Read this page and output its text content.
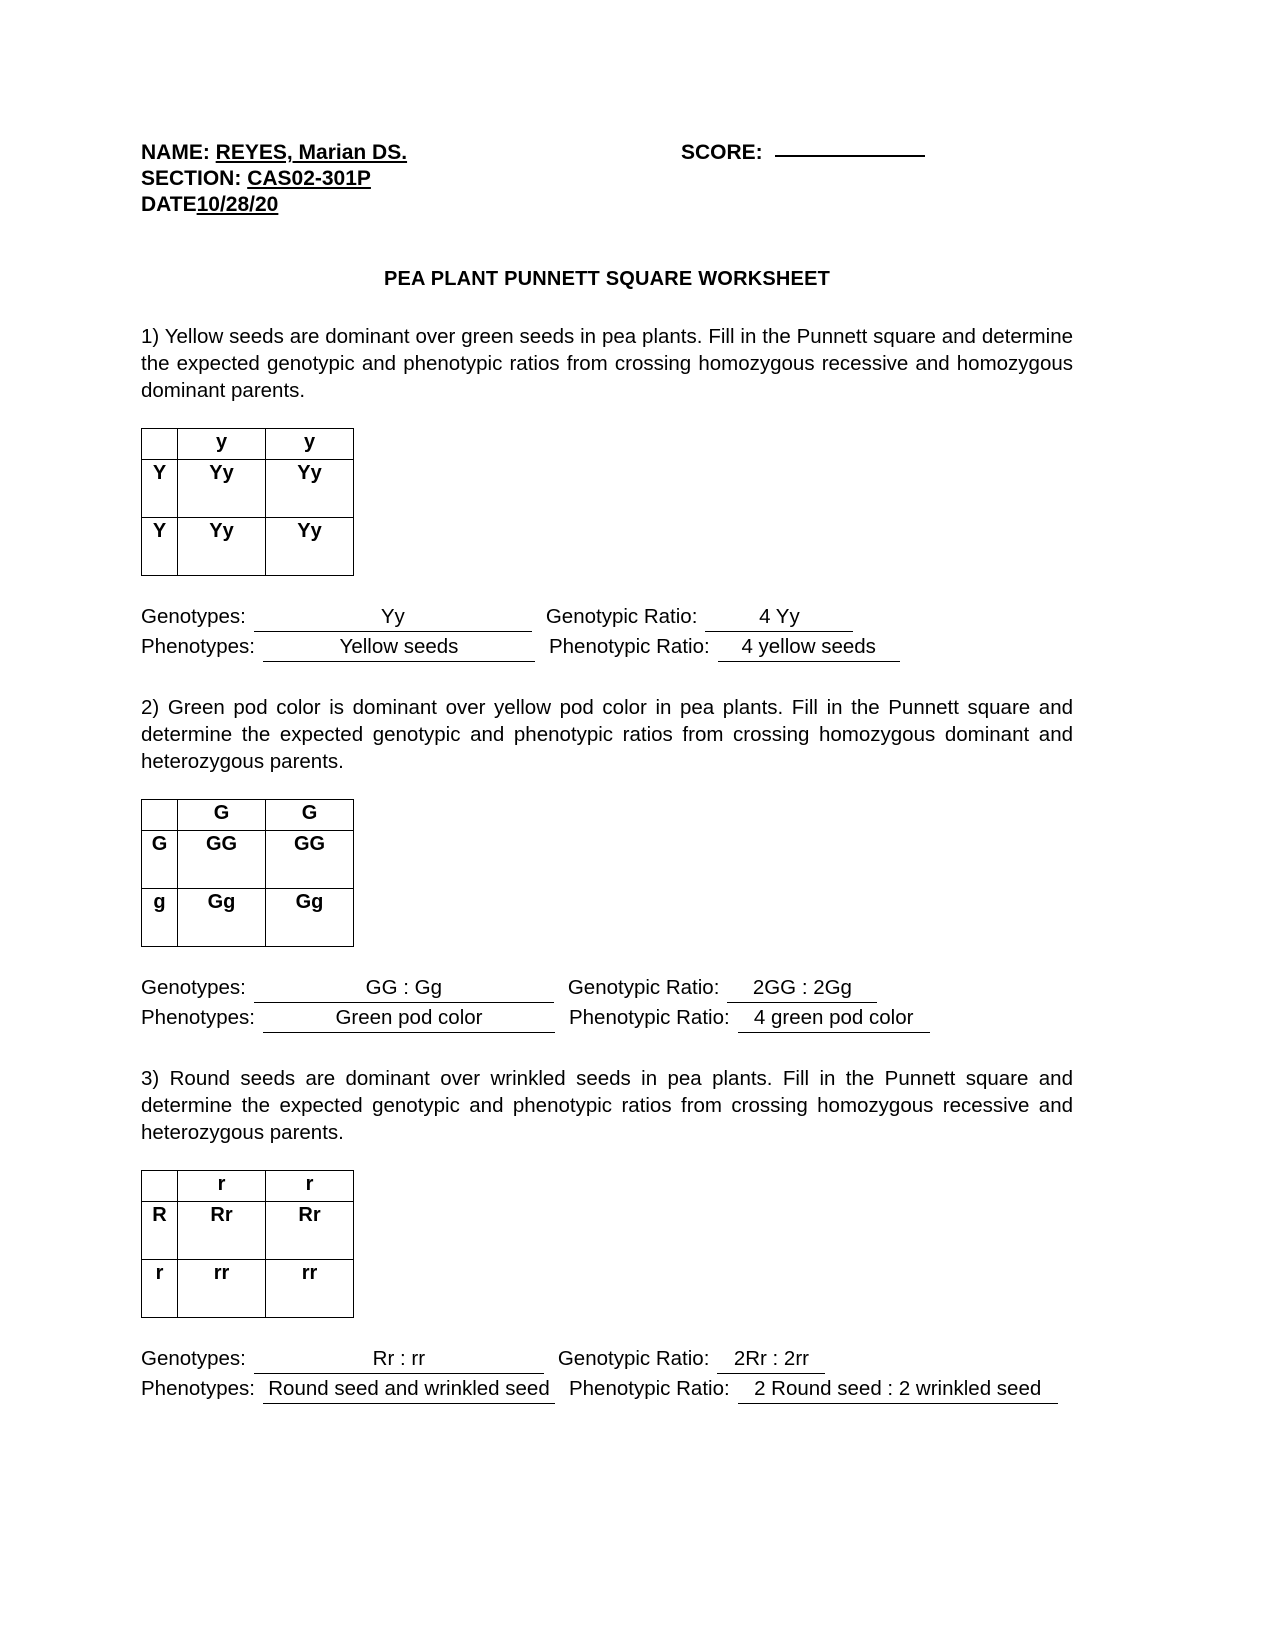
NAME: REYES, Marian DS.
SECTION: CAS02-301P
DATE10/28/20
SCORE:
PEA PLANT PUNNETT SQUARE WORKSHEET
1) Yellow seeds are dominant over green seeds in pea plants. Fill in the Punnett square and determine the expected genotypic and phenotypic ratios from crossing homozygous recessive and homozygous dominant parents.
	y	y
Y	Yy	Yy
Y	Yy	Yy
Genotypes:	Yy	Genotypic Ratio:	4 Yy
Phenotypes:	Yellow seeds	Phenotypic Ratio:	4 yellow seeds
2) Green pod color is dominant over yellow pod color in pea plants. Fill in the Punnett square and determine the expected genotypic and phenotypic ratios from crossing homozygous dominant and heterozygous parents.
	G	G
G	GG	GG
g	Gg	Gg
Genotypes:	GG : Gg	Genotypic Ratio:	2GG : 2Gg
Phenotypes:	Green pod color	Phenotypic Ratio:	4 green pod color
3) Round seeds are dominant over wrinkled seeds in pea plants. Fill in the Punnett square and determine the expected genotypic and phenotypic ratios from crossing homozygous recessive and heterozygous parents.
	r	r
R	Rr	Rr
r	rr	rr
Genotypes:	Rr : rr	Genotypic Ratio:	2Rr : 2rr
Phenotypes: Round seed and wrinkled seed Phenotypic Ratio:	2 Round seed : 2 wrinkled seed
